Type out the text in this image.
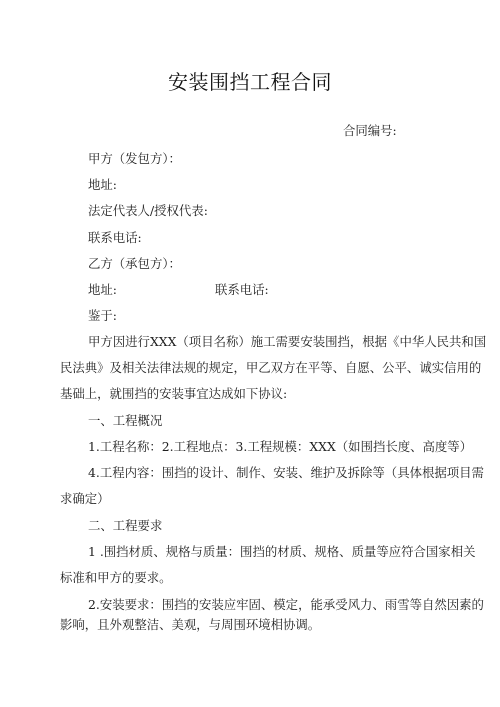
安装围挡工程合同
合同编号:
甲方（发包方）：
地址:
法定代表人/授权代表:
联系电话:
乙方（承包方）：
地址:	联系电话:
鉴于:
甲方因进行XXX（项目名称）施工需要安装围挡，根据《中华人民共和国
民法典》及相关法律法规的规定，甲乙双方在平等、自愿、公平、诚实信用的
基础上，就围挡的安装事宜达成如下协议:
一、工程概况
1.工程名称：2.工程地点：3.工程规模：XXX（如围挡长度、高度等）
4.工程内容：围挡的设计、制作、安装、维护及拆除等（具体根据项目需
求确定）
二、工程要求
1 .围挡材质、规格与质量：围挡的材质、规格、质量等应符合国家相关
标准和甲方的要求。
2.安装要求：围挡的安装应牢固、模定，能承受风力、雨雪等自然因素的
影响，且外观整洁、美观，与周围环境相协调。
